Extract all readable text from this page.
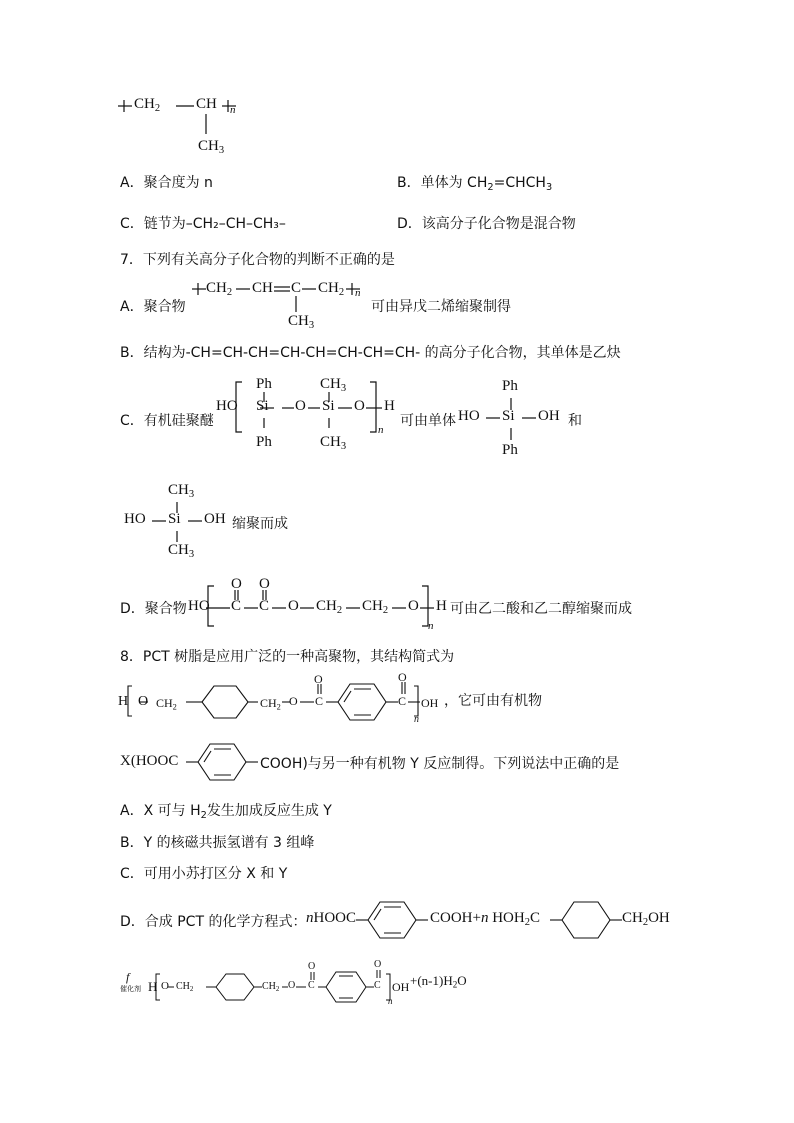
$CH_2$ CH n
$CH_3$
A．聚合度为 n	B．单体为 $CH_2=CHCH_3$
C．链节为–CH₂–CH–CH₃–	D．该高分子化合物是混合物
7．下列有关高分子化合物的判断不正确的是
A．聚合物
$CH_2$ CH C $CH_2$ n
$CH_3$
可由异戊二烯缩聚制得
B．结构为-CH=CH-CH=CH-CH=CH-CH=CH- 的高分子化合物，其单体是乙炔
C．有机硅聚醚
HO
Ph
Si
Ph
O
$CH_3$
Si
$CH_3$
O H
n
可由单体 HO
Ph
Si
Ph
OH 和
HO
$CH_3$
Si
$CH_3$
OH 缩聚而成
D．聚合物 HO
O
C
O
C O $CH_2$ $CH_2$ O H
n
可由乙二酸和乙二醇缩聚而成
8．PCT 树脂是应用广泛的一种高聚物，其结构简式为
H O $CH_2$	$CH_2$ O
O
C
O
C OH
n
，它可由有机物
X(HOOC	COOH)与另一种有机物 Y 反应制得。下列说法中正确的是
A．X 可与 $H_2$发生加成反应生成 Y
B．Y 的核磁共振氢谱有 3 组峰
C．可用小苏打区分 X 和 Y
D．合成 PCT 的化学方程式： nHOOC	COOH+n $HOH_2C$	$CH_2OH$
f
催化剂 H O $CH_2$	$CH_2$ O
O
C
O
C OH
n
$+(n-1)H_2O$
